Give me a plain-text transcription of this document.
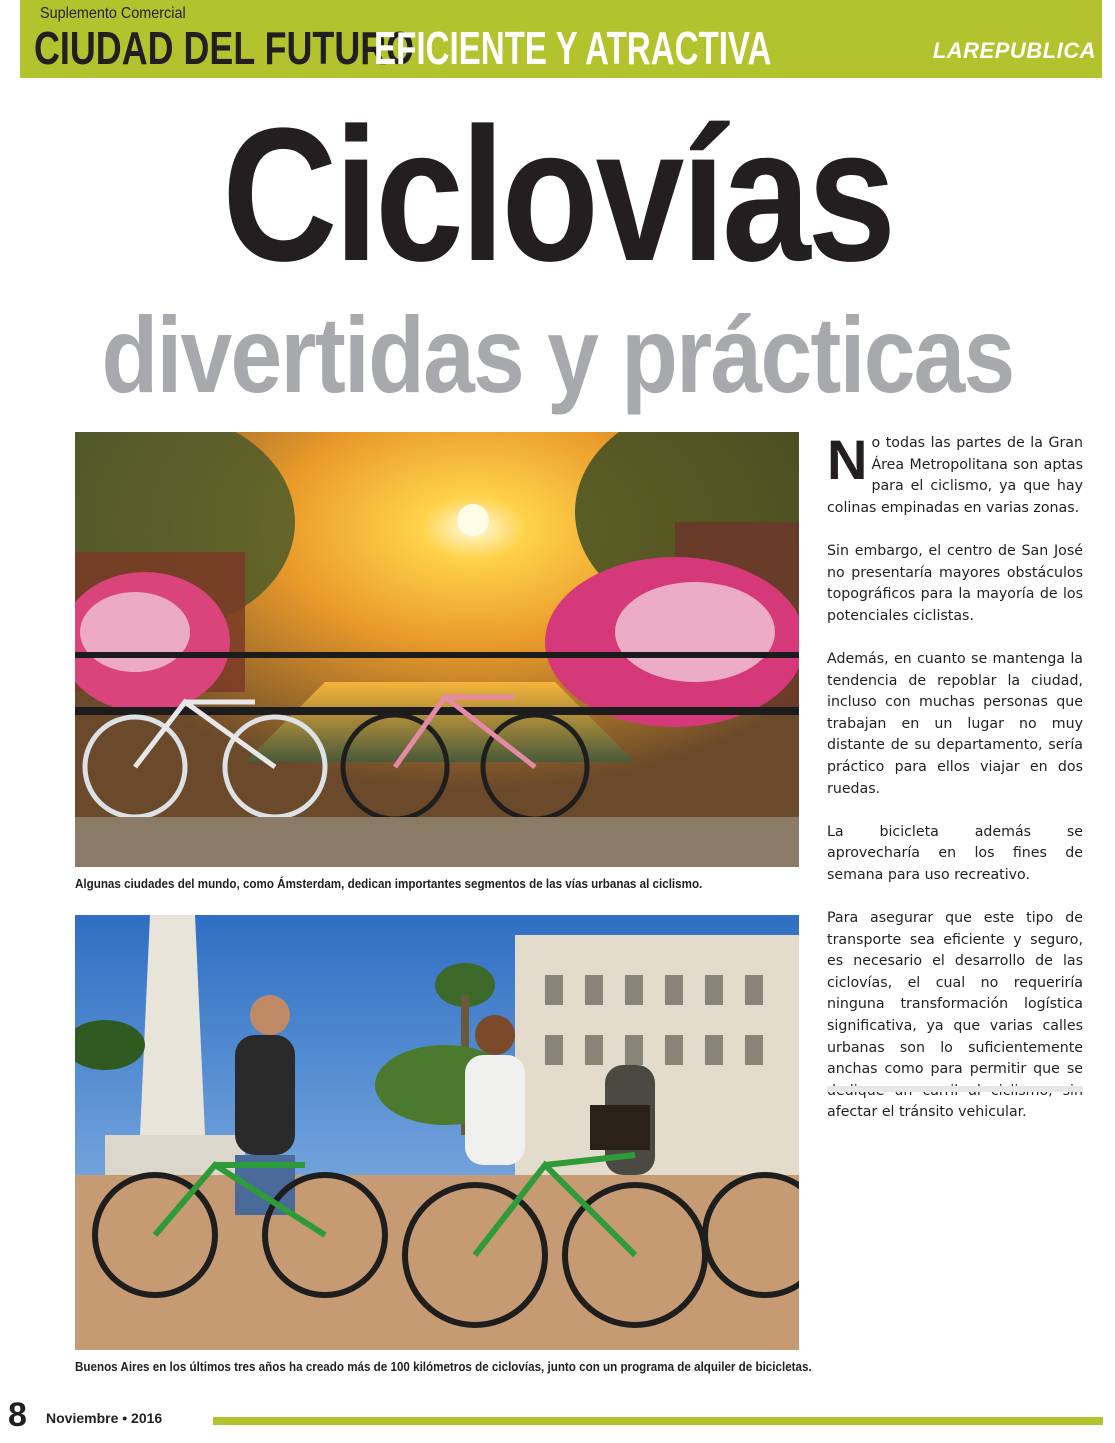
Suplemento Comercial
CIUDAD DEL FUTURO
EFICIENTE Y ATRACTIVA	LAREPUBLICA
Ciclovías
divertidas y prácticas
Algunas ciudades del mundo, como Ámsterdam, dedican importantes segmentos de las vías urbanas al ciclismo.
Buenos Aires en los últimos tres años ha creado más de 100 kilómetros de ciclovías, junto con un programa de alquiler de bicicletas.

No todas las partes de la Gran Área Metropolitana son aptas para el ciclismo, ya que hay colinas empinadas en varias zonas.

Sin embargo, el centro de San José no presentaría mayores obstáculos topográficos para la mayoría de los potenciales ciclistas.

Además, en cuanto se mantenga la tendencia de repoblar la ciudad, incluso con muchas personas que trabajan en un lugar no muy distante de su departamento, sería práctico para ellos viajar en dos ruedas.

La bicicleta además se aprovecharía en los fines de semana para uso recreativo.

Para asegurar que este tipo de transporte sea eficiente y seguro, es necesario el desarrollo de las ciclovías, el cual no requeriría ninguna transformación logística significativa, ya que varias calles urbanas son lo suficientemente anchas como para permitir que se afectar el tránsito vehicular.

8 Noviembre • 2016
